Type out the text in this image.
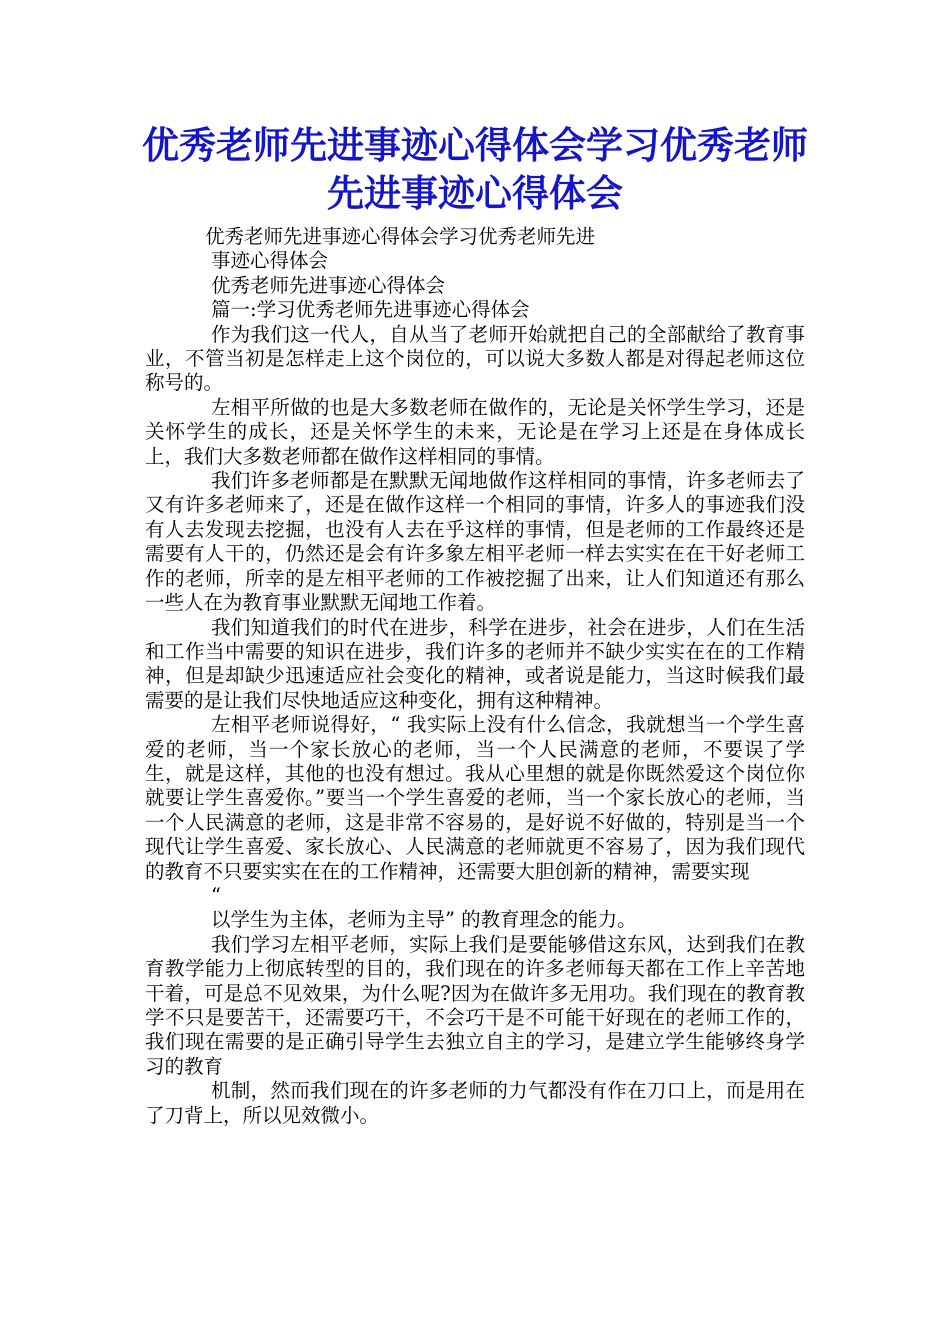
优秀老师先进事迹心得体会学习优秀老师先进事迹心得体会

优秀老师先进事迹心得体会学习优秀老师先进

事迹心得体会

优秀老师先进事迹心得体会

篇一:学习优秀老师先进事迹心得体会

作为我们这一代人，自从当了老师开始就把自己的全部献给了教育事业，不管当初是怎样走上这个岗位的，可以说大多数人都是对得起老师这位称号的。

左相平所做的也是大多数老师在做作的，无论是关怀学生学习，还是关怀学生的成长，还是关怀学生的未来，无论是在学习上还是在身体成长上，我们大多数老师都在做作这样相同的事情。

我们许多老师都是在默默无闻地做作这样相同的事情，许多老师去了又有许多老师来了，还是在做作这样一个相同的事情，许多人的事迹我们没有人去发现去挖掘，也没有人去在乎这样的事情，但是老师的工作最终还是需要有人干的，仍然还是会有许多象左相平老师一样去实实在在干好老师工作的老师，所幸的是左相平老师的工作被挖掘了出来，让人们知道还有那么一些人在为教育事业默默无闻地工作着。

我们知道我们的时代在进步，科学在进步，社会在进步，人们在生活和工作当中需要的知识在进步，我们许多的老师并不缺少实实在在的工作精神，但是却缺少迅速适应社会变化的精神，或者说是能力，当这时候我们最需要的是让我们尽快地适应这种变化，拥有这种精神。

左相平老师说得好，“ 我实际上没有什么信念，我就想当一个学生喜爱的老师，当一个家长放心的老师，当一个人民满意的老师，不要误了学生，就是这样，其他的也没有想过。我从心里想的就是你既然爱这个岗位你就要让学生喜爱你。”要当一个学生喜爱的老师，当一个家长放心的老师，当一个人民满意的老师，这是非常不容易的，是好说不好做的，特别是当一个现代让学生喜爱、家长放心、人民满意的老师就更不容易了，因为我们现代的教育不只要实实在在的工作精神，还需要大胆创新的精神，需要实现

“

以学生为主体，老师为主导” 的教育理念的能力。

我们学习左相平老师，实际上我们是要能够借这东风，达到我们在教育教学能力上彻底转型的目的，我们现在的许多老师每天都在工作上辛苦地干着，可是总不见效果，为什么呢?因为在做许多无用功。我们现在的教育教学不只是要苦干，还需要巧干，不会巧干是不可能干好现在的老师工作的，我们现在需要的是正确引导学生去独立自主的学习，是建立学生能够终身学习的教育

机制，然而我们现在的许多老师的力气都没有作在刀口上，而是用在了刀背上，所以见效微小。
